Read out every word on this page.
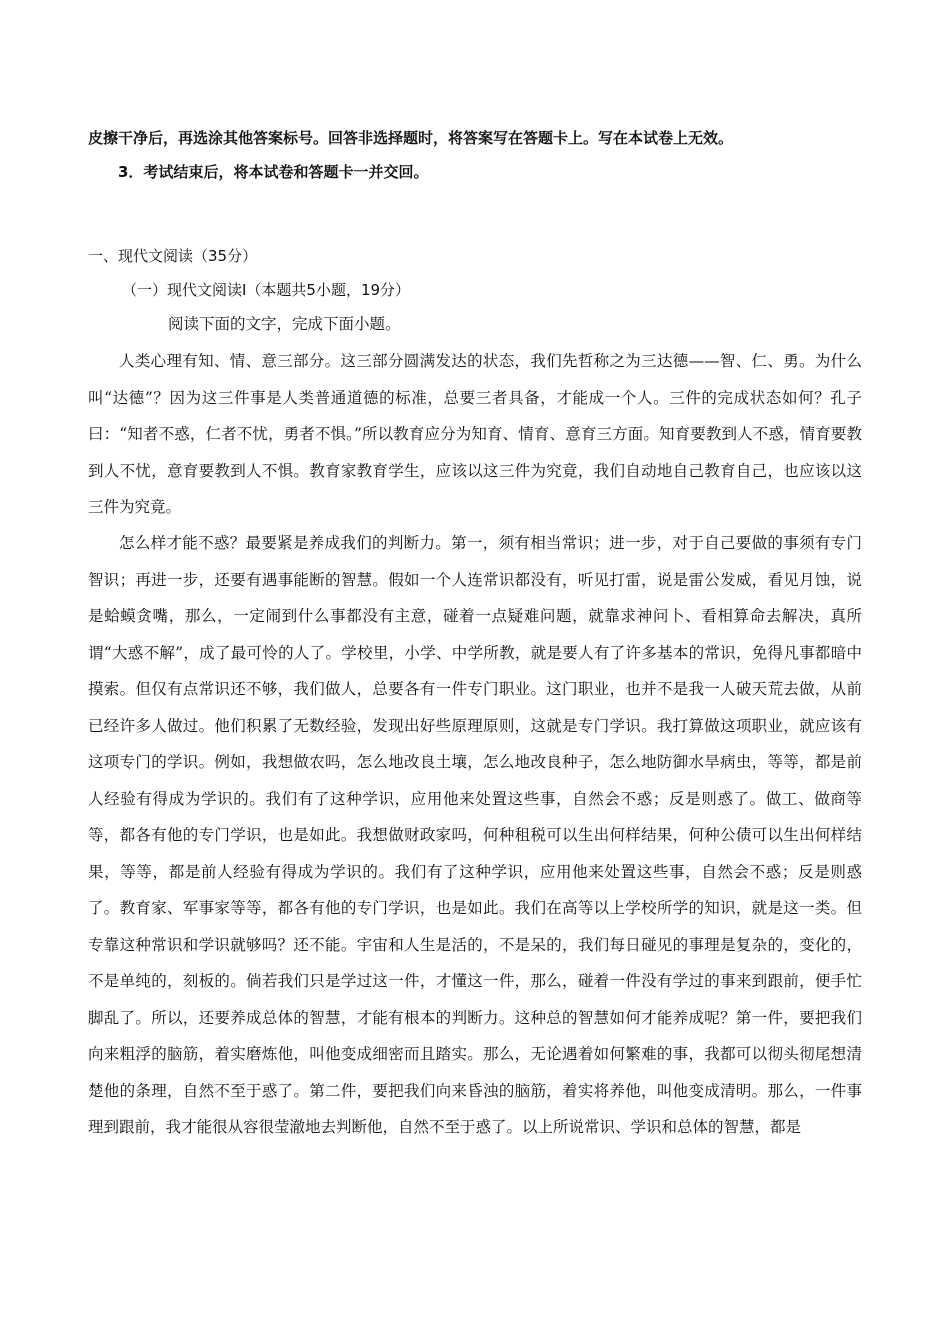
皮擦干净后，再选涂其他答案标号。回答非选择题时，将答案写在答题卡上。写在本试卷上无效。
3．考试结束后，将本试卷和答题卡一并交回。
一、现代文阅读（35分）
（一）现代文阅读Ⅰ（本题共5小题，19分）
阅读下面的文字，完成下面小题。

人类心理有知、情、意三部分。这三部分圆满发达的状态，我们先哲称之为三达德——智、仁、勇。为什么叫“达德”？因为这三件事是人类普通道德的标准，总要三者具备，才能成一个人。三件的完成状态如何？孔子曰：“知者不惑，仁者不忧，勇者不惧。”所以教育应分为知育、情育、意育三方面。知育要教到人不惑，情育要教到人不忧，意育要教到人不惧。教育家教育学生，应该以这三件为究竟，我们自动地自己教育自己，也应该以这三件为究竟。

怎么样才能不惑？最要紧是养成我们的判断力。第一，须有相当常识；进一步，对于自己要做的事须有专门智识；再进一步，还要有遇事能断的智慧。假如一个人连常识都没有，听见打雷，说是雷公发威，看见月蚀，说是蛤蟆贪嘴，那么，一定闹到什么事都没有主意，碰着一点疑难问题，就靠求神问卜、看相算命去解决，真所谓“大惑不解”，成了最可怜的人了。学校里，小学、中学所教，就是要人有了许多基本的常识，免得凡事都暗中摸索。但仅有点常识还不够，我们做人，总要各有一件专门职业。这门职业，也并不是我一人破天荒去做，从前已经许多人做过。他们积累了无数经验，发现出好些原理原则，这就是专门学识。我打算做这项职业，就应该有这项专门的学识。例如，我想做农吗，怎么地改良土壤，怎么地改良种子，怎么地防御水旱病虫，等等，都是前人经验有得成为学识的。我们有了这种学识，应用他来处置这些事，自然会不惑；反是则惑了。做工、做商等等，都各有他的专门学识，也是如此。我想做财政家吗，何种租税可以生出何样结果，何种公债可以生出何样结果，等等，都是前人经验有得成为学识的。我们有了这种学识，应用他来处置这些事，自然会不惑；反是则惑了。教育家、军事家等等，都各有他的专门学识，也是如此。我们在高等以上学校所学的知识，就是这一类。但专靠这种常识和学识就够吗？还不能。宇宙和人生是活的，不是呆的，我们每日碰见的事理是复杂的，变化的，不是单纯的，刻板的。倘若我们只是学过这一件，才懂这一件，那么，碰着一件没有学过的事来到跟前，便手忙脚乱了。所以，还要养成总体的智慧，才能有根本的判断力。这种总的智慧如何才能养成呢？第一件，要把我们向来粗浮的脑筋，着实磨炼他，叫他变成细密而且踏实。那么，无论遇着如何繁难的事，我都可以彻头彻尾想清楚他的条理，自然不至于惑了。第二件，要把我们向来昏浊的脑筋，着实将养他，叫他变成清明。那么，一件事理到跟前，我才能很从容很莹澈地去判断他，自然不至于惑了。以上所说常识、学识和总体的智慧，都是
